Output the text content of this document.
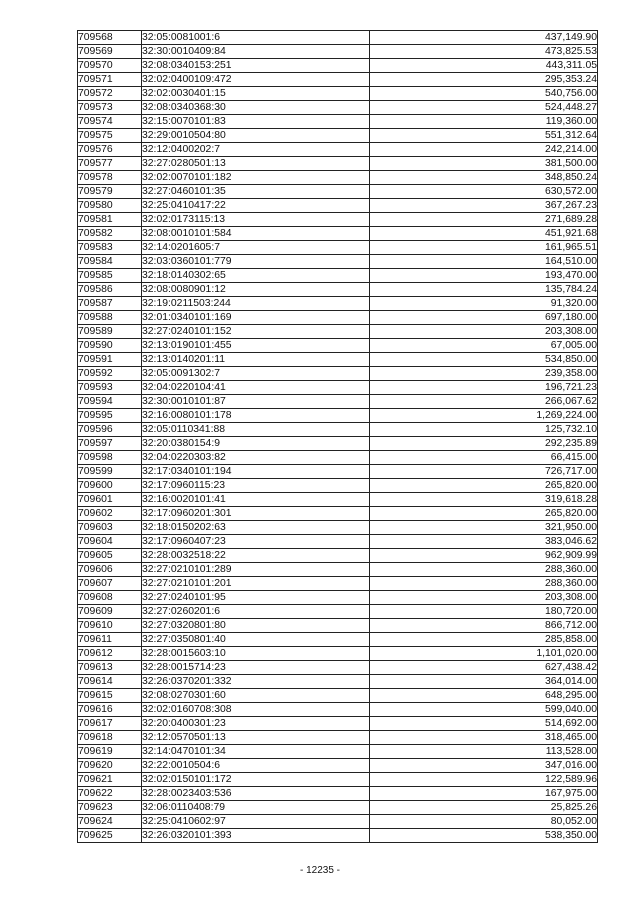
709568	32:05:0081001:6	437,149.90
709569	32:30:0010409:84	473,825.53
709570	32:08:0340153:251	443,311.05
709571	32:02:0400109:472	295,353.24
709572	32:02:0030401:15	540,756.00
709573	32:08:0340368:30	524,448.27
709574	32:15:0070101:83	119,360.00
709575	32:29:0010504:80	551,312.64
709576	32:12:0400202:7	242,214.00
709577	32:27:0280501:13	381,500.00
709578	32:02:0070101:182	348,850.24
709579	32:27:0460101:35	630,572.00
709580	32:25:0410417:22	367,267.23
709581	32:02:0173115:13	271,689.28
709582	32:08:0010101:584	451,921.68
709583	32:14:0201605:7	161,965.51
709584	32:03:0360101:779	164,510.00
709585	32:18:0140302:65	193,470.00
709586	32:08:0080901:12	135,784.24
709587	32:19:0211503:244	91,320.00
709588	32:01:0340101:169	697,180.00
709589	32:27:0240101:152	203,308.00
709590	32:13:0190101:455	67,005.00
709591	32:13:0140201:11	534,850.00
709592	32:05:0091302:7	239,358.00
709593	32:04:0220104:41	196,721.23
709594	32:30:0010101:87	266,067.62
709595	32:16:0080101:178	1,269,224.00
709596	32:05:0110341:88	125,732.10
709597	32:20:0380154:9	292,235.89
709598	32:04:0220303:82	66,415.00
709599	32:17:0340101:194	726,717.00
709600	32:17:0960115:23	265,820.00
709601	32:16:0020101:41	319,618.28
709602	32:17:0960201:301	265,820.00
709603	32:18:0150202:63	321,950.00
709604	32:17:0960407:23	383,046.62
709605	32:28:0032518:22	962,909.99
709606	32:27:0210101:289	288,360.00
709607	32:27:0210101:201	288,360.00
709608	32:27:0240101:95	203,308.00
709609	32:27:0260201:6	180,720.00
709610	32:27:0320801:80	866,712.00
709611	32:27:0350801:40	285,858.00
709612	32:28:0015603:10	1,101,020.00
709613	32:28:0015714:23	627,438.42
709614	32:26:0370201:332	364,014.00
709615	32:08:0270301:60	648,295.00
709616	32:02:0160708:308	599,040.00
709617	32:20:0400301:23	514,692.00
709618	32:12:0570501:13	318,465.00
709619	32:14:0470101:34	113,528.00
709620	32:22:0010504:6	347,016.00
709621	32:02:0150101:172	122,589.96
709622	32:28:0023403:536	167,975.00
709623	32:06:0110408:79	25,825.26
709624	32:25:0410602:97	80,052.00
709625	32:26:0320101:393	538,350.00
- 12235 -
